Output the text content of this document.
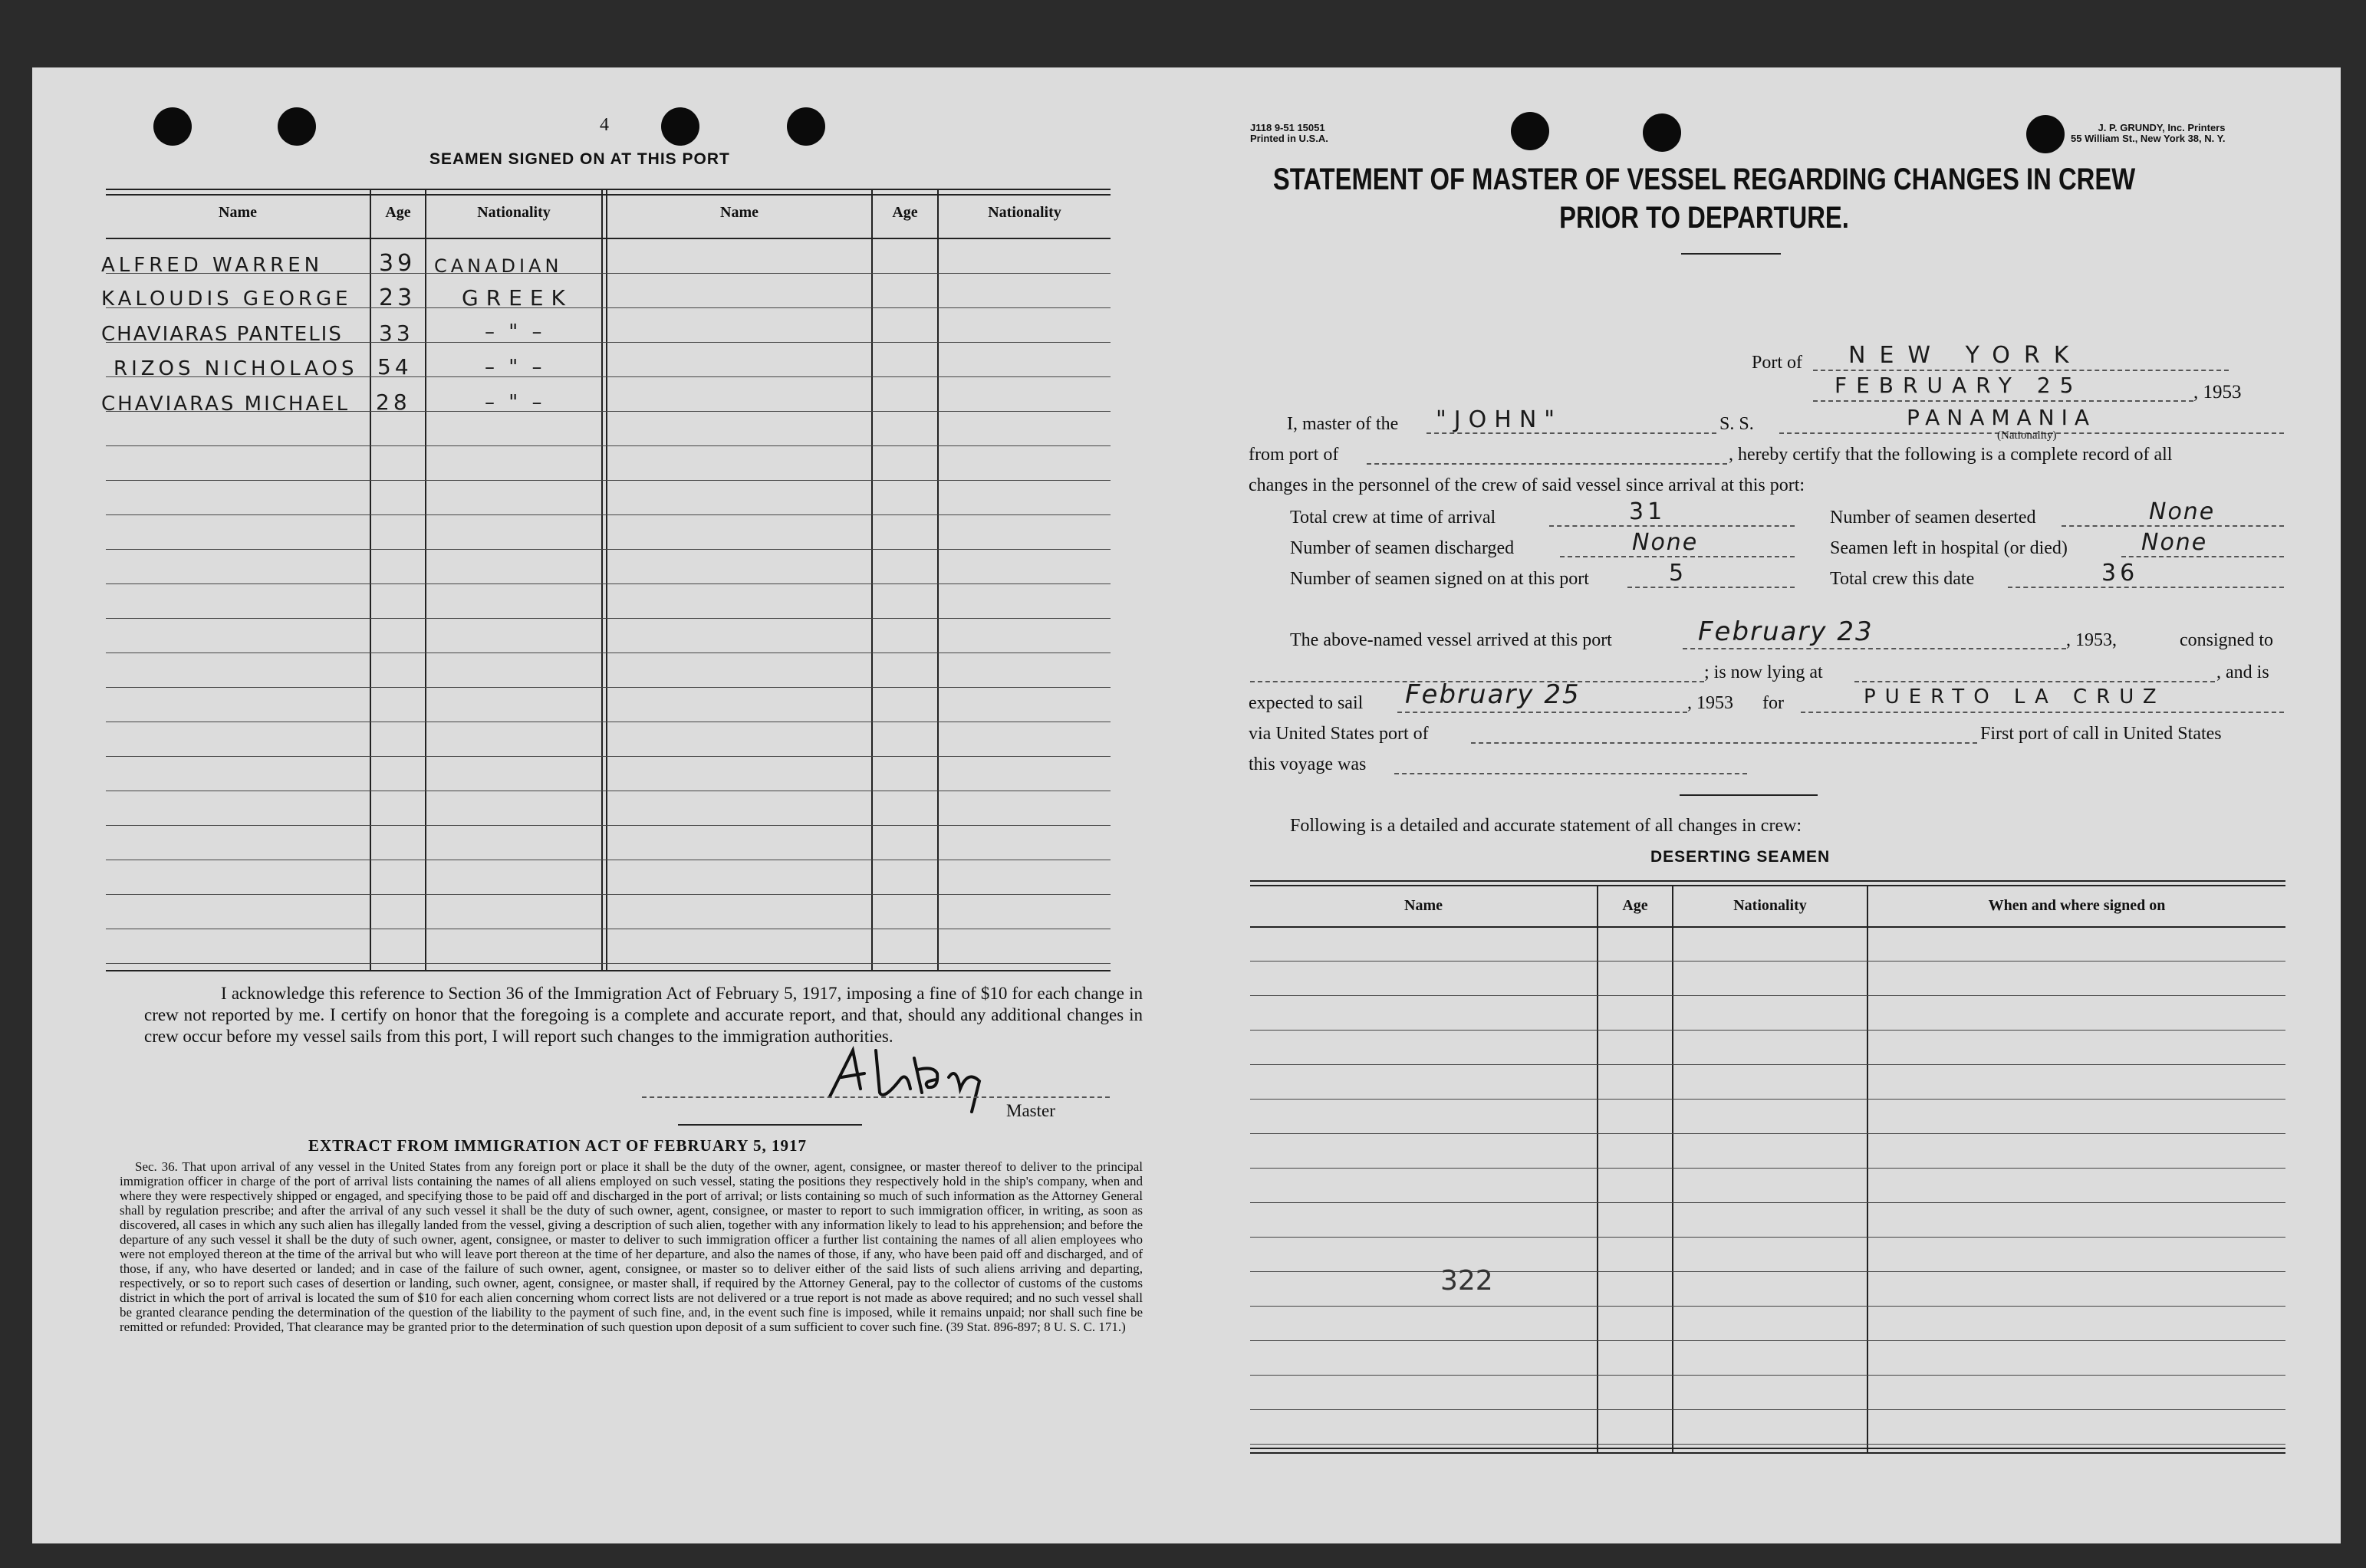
4
SEAMEN SIGNED ON AT THIS PORT
Name	Age	Nationality	Name	Age	Nationality
ALFRED WARREN 39 CANADIAN
KALOUDIS GEORGE 23 GREEK
CHAVIARAS PANTELIS 33	– " –
RIZOS NICHOLAOS 54	– " –
CHAVIARAS MICHAEL 28	– " –
I acknowledge this reference to Section 36 of the Immigration Act of February 5, 1917, imposing a fine of $10 for each change in crew not reported by me. I certify on honor that the foregoing is a complete and accurate report, and that, should any additional changes in crew occur before my vessel sails from this port, I will report such changes to the immigration authorities.
Master
EXTRACT FROM IMMIGRATION ACT OF FEBRUARY 5, 1917
Sec. 36. That upon arrival of any vessel in the United States from any foreign port or place it shall be the duty of the owner, agent, consignee, or master thereof to deliver to the principal immigration officer in charge of the port of arrival lists containing the names of all aliens employed on such vessel, stating the positions they respectively hold in the ship's company, when and where they were respectively shipped or engaged, and specifying those to be paid off and discharged in the port of arrival; or lists containing so much of such information as the Attorney General shall by regulation prescribe; and after the arrival of any such vessel it shall be the duty of such owner, agent, consignee, or master to report to such immigration officer, in writing, as soon as discovered, all cases in which any such alien has illegally landed from the vessel, giving a description of such alien, together with any information likely to lead to his apprehension; and before the departure of any such vessel it shall be the duty of such owner, agent, consignee, or master to deliver to such immigration officer a further list containing the names of all alien employees who were not employed thereon at the time of the arrival but who will leave port thereon at the time of her departure, and also the names of those, if any, who have been paid off and discharged, and of those, if any, who have deserted or landed; and in case of the failure of such owner, agent, consignee, or master so to deliver either of the said lists of such aliens arriving and departing, respectively, or so to report such cases of desertion or landing, such owner, agent, consignee, or master shall, if required by the Attorney General, pay to the collector of customs of the customs district in which the port of arrival is located the sum of $10 for each alien concerning whom correct lists are not delivered or a true report is not made as above required; and no such vessel shall be granted clearance pending the determination of the question of the liability to the payment of such fine, and, in the event such fine is imposed, while it remains unpaid; nor shall such fine be remitted or refunded: Provided, That clearance may be granted prior to the determination of such question upon deposit of a sum sufficient to cover such fine. (39 Stat. 896-897; 8 U. S. C. 171.)
J118 9-51 15051
Printed in U.S.A.
J. P. GRUNDY, Inc. Printers
55 William St., New York 38, N. Y.
STATEMENT OF MASTER OF VESSEL REGARDING CHANGES IN CREW
PRIOR TO DEPARTURE.
Port of NEW YORK
FEBRUARY 25	, 1953
I, master of the "JOHN"	S. S.	PANAMANIA
(Nationality)
from port of	, hereby certify that the following is a complete record of all
changes in the personnel of the crew of said vessel since arrival at this port:
Total crew at time of arrival	31
Number of seamen discharged	None
Number of seamen signed on at this port	5
Number of seamen deserted	None
Seamen left in hospital (or died)	None
Total crew this date	36
The above-named vessel arrived at this port	February 23	, 1953,	consigned to
; is now lying at	, and is
expected to sail February 25	, 1953 for	PUERTO LA CRUZ
via United States port of	First port of call in United States
this voyage was
Following is a detailed and accurate statement of all changes in crew:
DESERTING SEAMEN
Name	Age	Nationality	When and where signed on
322
